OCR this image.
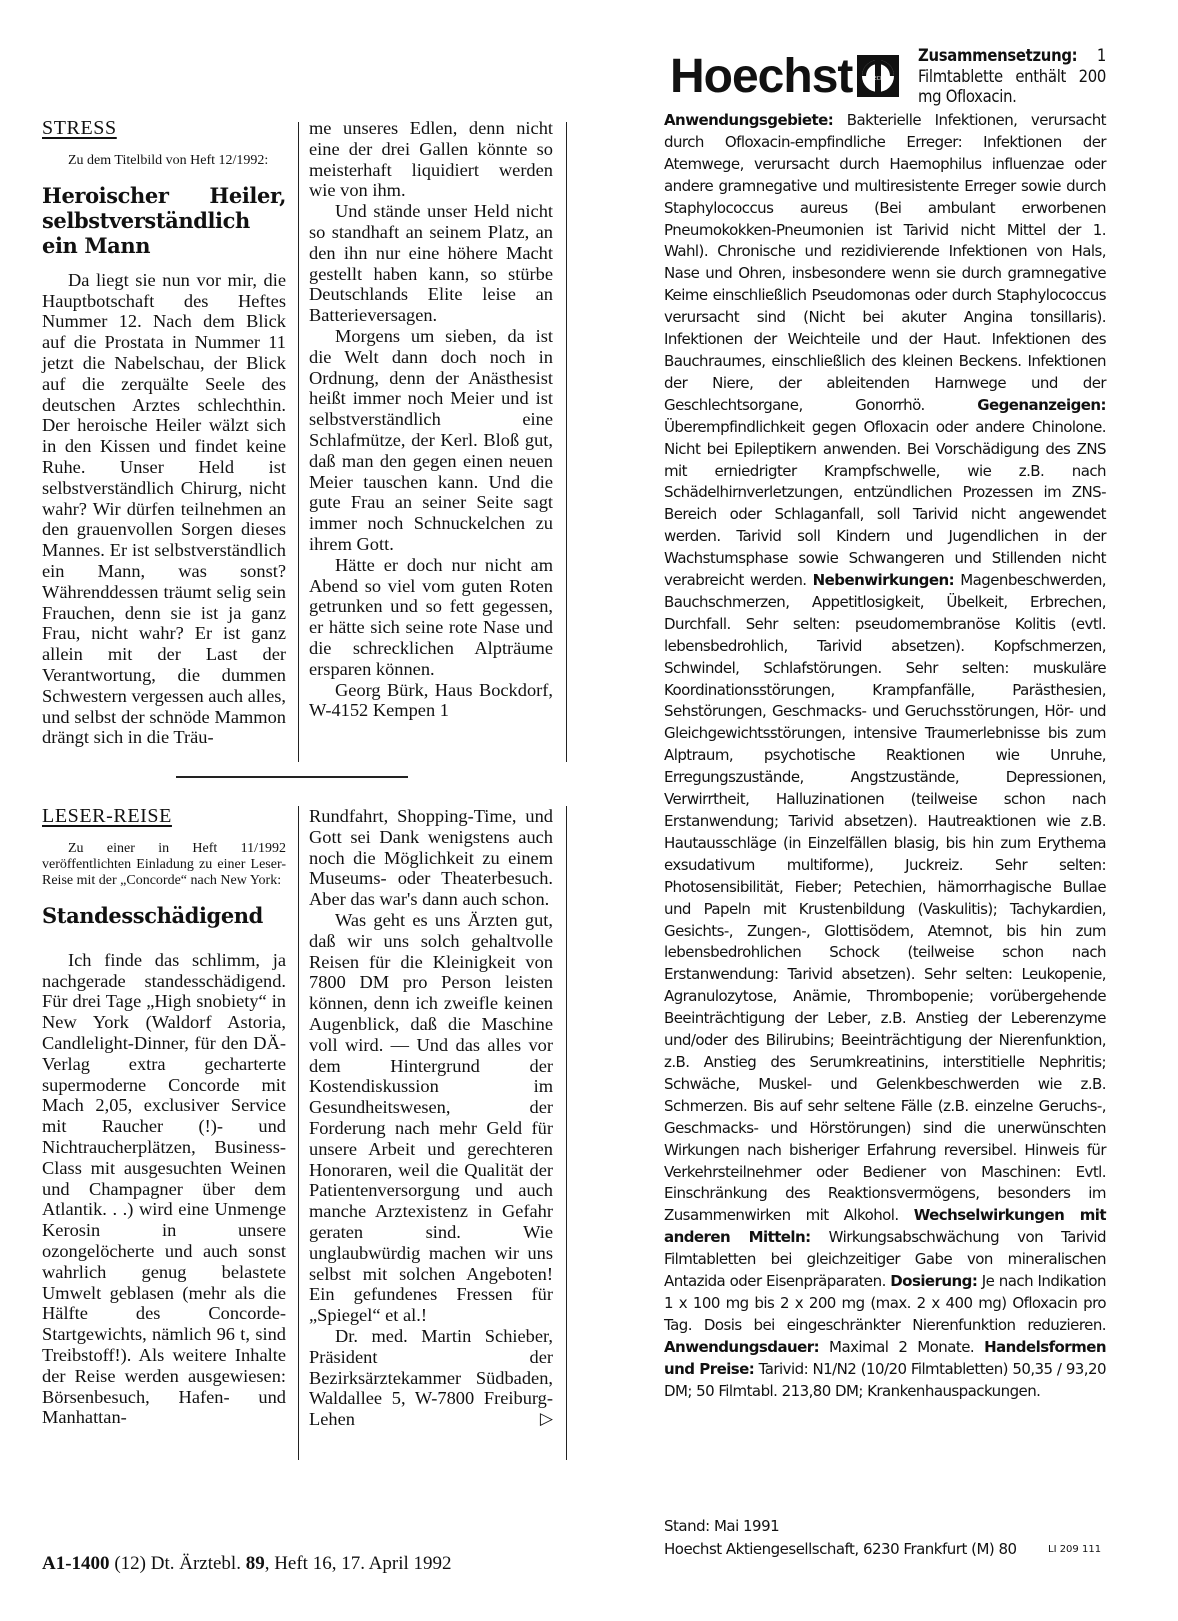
STRESS
Zu dem Titelbild von Heft 12/1992:
Heroischer Heiler, selbstverständlich ein Mann

Da liegt sie nun vor mir, die Hauptbotschaft des Heftes Nummer 12. Nach dem Blick auf die Prostata in Nummer 11 jetzt die Nabelschau, der Blick auf die zerquälte Seele des deutschen Arztes schlechthin. Der heroische Heiler wälzt sich in den Kissen und findet keine Ruhe. Unser Held ist selbstverständlich Chirurg, nicht wahr? Wir dürfen teilnehmen an den grauenvollen Sorgen dieses Mannes. Er ist selbstverständlich ein Mann, was sonst? Währenddessen träumt selig sein Frauchen, denn sie ist ja ganz Frau, nicht wahr? Er ist ganz allein mit der Last der Verantwortung, die dummen Schwestern vergessen auch alles, und selbst der schnöde Mammon drängt sich in die Träu-

me unseres Edlen, denn nicht eine der drei Gallen könnte so meisterhaft liquidiert werden wie von ihm.

Und stände unser Held nicht so standhaft an seinem Platz, an den ihn nur eine höhere Macht gestellt haben kann, so stürbe Deutschlands Elite leise an Batterieversagen.

Morgens um sieben, da ist die Welt dann doch noch in Ordnung, denn der Anästhesist heißt immer noch Meier und ist selbstverständlich eine Schlafmütze, der Kerl. Bloß gut, daß man den gegen einen neuen Meier tauschen kann. Und die gute Frau an seiner Seite sagt immer noch Schnuckelchen zu ihrem Gott.

Hätte er doch nur nicht am Abend so viel vom guten Roten getrunken und so fett gegessen, er hätte sich seine rote Nase und die schrecklichen Alpträume ersparen können.

Georg Bürk, Haus Bockdorf, W-4152 Kempen 1

LESER-REISE
Zu einer in Heft 11/1992 veröffentlichten Einladung zu einer Leser-Reise mit der „Concorde“ nach New York:
Standesschädigend

Ich finde das schlimm, ja nachgerade standesschädigend. Für drei Tage „High snobiety“ in New York (Waldorf Astoria, Candlelight-Dinner, für den DÄ-Verlag extra gecharterte supermoderne Concorde mit Mach 2,05, exclusiver Service mit Raucher (!)- und Nichtraucherplätzen, Business-Class mit ausgesuchten Weinen und Champagner über dem Atlantik. . .) wird eine Unmenge Kerosin in unsere ozongelöcherte und auch sonst wahrlich genug belastete Umwelt geblasen (mehr als die Hälfte des Concorde-Startgewichts, nämlich 96 t, sind Treibstoff!). Als weitere Inhalte der Reise werden ausgewiesen: Börsenbesuch, Hafen- und Manhattan-

Rundfahrt, Shopping-Time, und Gott sei Dank wenigstens auch noch die Möglichkeit zu einem Museums- oder Theaterbesuch. Aber das war's dann auch schon.

Was geht es uns Ärzten gut, daß wir uns solch gehaltvolle Reisen für die Kleinigkeit von 7800 DM pro Person leisten können, denn ich zweifle keinen Augenblick, daß die Maschine voll wird. — Und das alles vor dem Hintergrund der Kostendiskussion im Gesundheitswesen, der Forderung nach mehr Geld für unsere Arbeit und gerechteren Honoraren, weil die Qualität der Patientenversorgung und auch manche Arztexistenz in Gefahr geraten sind. Wie unglaubwürdig machen wir uns selbst mit solchen Angeboten! Ein gefundenes Fressen für „Spiegel“ et al.!

Dr. med. Martin Schieber, Präsident der Bezirksärztekammer Südbaden, Waldallee 5, W-7800 Freiburg-Lehen	▷

A1-1400 (12) Dt. Ärztebl. 89, Heft 16, 17. April 1992
Hoechst	HOECHST
Zusammensetzung: 1 Filmtablette enthält 200 mg Ofloxacin.
Anwendungsgebiete: Bakterielle Infektionen, verursacht durch Ofloxacin-empfindliche Erreger: Infektionen der Atemwege, verursacht durch Haemophilus influenzae oder andere gramnegative und multiresistente Erreger sowie durch Staphylococcus aureus (Bei ambulant erworbenen Pneumokokken-Pneumonien ist Tarivid nicht Mittel der 1. Wahl). Chronische und rezidivierende Infektionen von Hals, Nase und Ohren, insbesondere wenn sie durch gramnegative Keime einschließlich Pseudomonas oder durch Staphylococcus verursacht sind (Nicht bei akuter Angina tonsillaris). Infektionen der Weichteile und der Haut. Infektionen des Bauchraumes, einschließlich des kleinen Beckens. Infektionen der Niere, der ableitenden Harnwege und der Geschlechtsorgane, Gonorrhö.	Gegenanzeigen: Überempfindlichkeit gegen Ofloxacin oder andere Chinolone. Nicht bei Epileptikern anwenden. Bei Vorschädigung des ZNS mit erniedrigter Krampfschwelle, wie z.B. nach Schädelhirnverletzungen, entzündlichen Prozessen im ZNS-Bereich oder Schlaganfall, soll Tarivid nicht angewendet werden. Tarivid soll Kindern und Jugendlichen in der Wachstumsphase sowie Schwangeren und Stillenden nicht verabreicht werden. Nebenwirkungen: Magenbeschwerden, Bauchschmerzen, Appetitlosigkeit, Übelkeit, Erbrechen, Durchfall. Sehr selten: pseudomembranöse Kolitis (evtl. lebensbedrohlich, Tarivid absetzen). Kopfschmerzen, Schwindel, Schlafstörungen. Sehr selten: muskuläre Koordinationsstörungen, Krampfanfälle, Parästhesien, Sehstörungen, Geschmacks- und Geruchsstörungen, Hör- und Gleichgewichtsstörungen, intensive Traumerlebnisse bis zum Alptraum, psychotische Reaktionen wie Unruhe, Erregungszustände, Angstzustände, Depressionen, Verwirrtheit, Halluzinationen (teilweise schon nach Erstanwendung; Tarivid absetzen). Hautreaktionen wie z.B. Hautausschläge (in Einzelfällen blasig, bis hin zum Erythema exsudativum multiforme), Juckreiz. Sehr selten: Photosensibilität, Fieber; Petechien, hämorrhagische Bullae und Papeln mit Krustenbildung (Vaskulitis); Tachykardien, Gesichts-, Zungen-, Glottisödem, Atemnot, bis hin zum lebensbedrohlichen Schock (teilweise schon nach Erstanwendung: Tarivid absetzen). Sehr selten: Leukopenie, Agranulozytose, Anämie, Thrombopenie; vorübergehende Beeinträchtigung der Leber, z.B. Anstieg der Leberenzyme und/oder des Bilirubins; Beeinträchtigung der Nierenfunktion, z.B. Anstieg des Serumkreatinins, interstitielle Nephritis; Schwäche, Muskel- und Gelenkbeschwerden wie z.B. Schmerzen. Bis auf sehr seltene Fälle (z.B. einzelne Geruchs-, Geschmacks- und Hörstörungen) sind die unerwünschten Wirkungen nach bisheriger Erfahrung reversibel. Hinweis für Verkehrsteilnehmer oder Bediener von Maschinen: Evtl. Einschränkung des Reaktionsvermögens, besonders im Zusammenwirken mit Alkohol. Wechselwirkungen mit anderen Mitteln: Wirkungsabschwächung von Tarivid Filmtabletten bei gleichzeitiger Gabe von mineralischen Antazida oder Eisenpräparaten. Dosierung: Je nach Indikation 1 x 100 mg bis 2 x 200 mg (max. 2 x 400 mg) Ofloxacin pro Tag. Dosis bei eingeschränkter Nierenfunktion reduzieren. Anwendungsdauer: Maximal 2 Monate. Handelsformen und Preise: Tarivid: N1/N2 (10/20 Filmtabletten) 50,35 / 93,20 DM; 50 Filmtabl. 213,80 DM; Krankenhauspackungen.
Stand: Mai 1991
Hoechst Aktiengesellschaft, 6230 Frankfurt (M) 80	LI 209 111
